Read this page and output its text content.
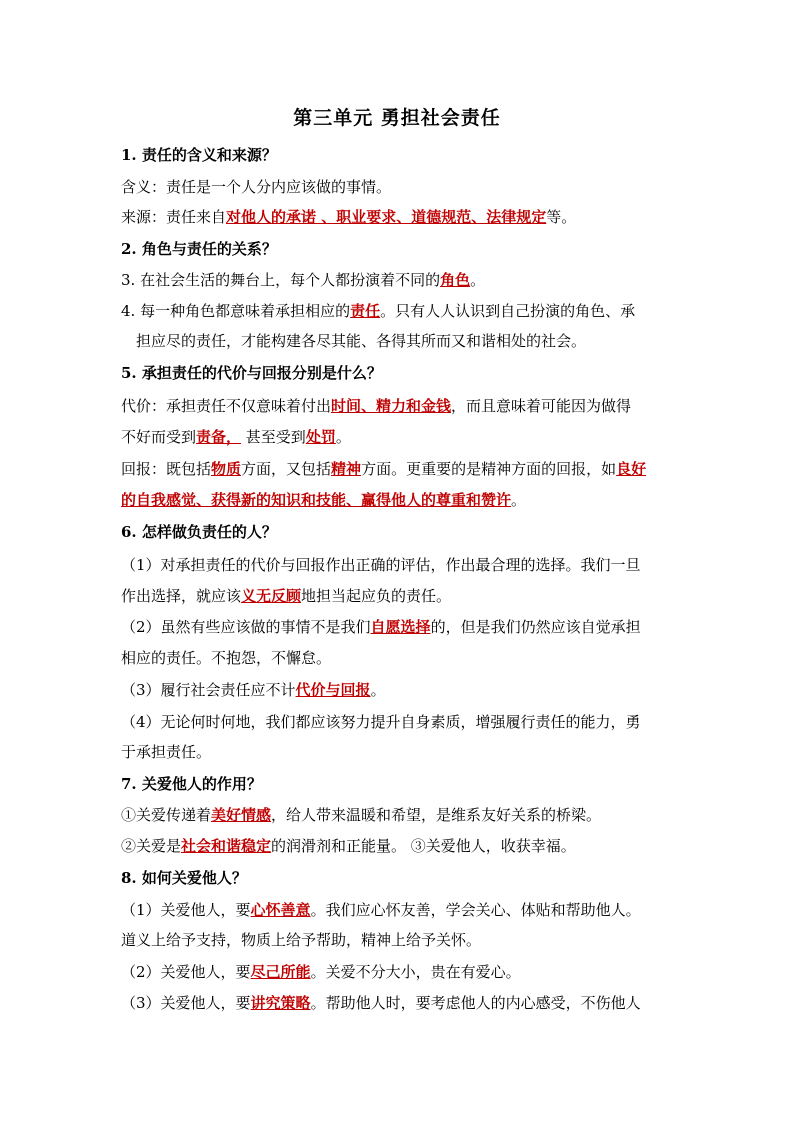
第三单元 勇担社会责任
1. 责任的含义和来源？
含义：责任是一个人分内应该做的事情。
来源：责任来自对他人的承诺 、职业要求、道德规范、法律规定等。
2. 角色与责任的关系？
3. 在社会生活的舞台上，每个人都扮演着不同的角色。
4. 每一种角色都意味着承担相应的责任。只有人人认识到自己扮演的角色、承
担应尽的责任，才能构建各尽其能、各得其所而又和谐相处的社会。
5. 承担责任的代价与回报分别是什么？
代价：承担责任不仅意味着付出时间、精力和金钱，而且意味着可能因为做得
不好而受到责备， 甚至受到处罚。
回报：既包括物质方面，又包括精神方面。更重要的是精神方面的回报，如良好
的自我感觉、获得新的知识和技能、赢得他人的尊重和赞许。
6. 怎样做负责任的人？
（1）对承担责任的代价与回报作出正确的评估，作出最合理的选择。我们一旦
作出选择，就应该义无反顾地担当起应负的责任。
（2）虽然有些应该做的事情不是我们自愿选择的，但是我们仍然应该自觉承担
相应的责任。不抱怨，不懈怠。
（3）履行社会责任应不计代价与回报。
（4）无论何时何地，我们都应该努力提升自身素质，增强履行责任的能力，勇
于承担责任。
7. 关爱他人的作用？
①关爱传递着美好情感，给人带来温暖和希望，是维系友好关系的桥梁。
②关爱是社会和谐稳定的润滑剂和正能量。 ③关爱他人，收获幸福。
8. 如何关爱他人？
（1）关爱他人，要心怀善意。我们应心怀友善，学会关心、体贴和帮助他人。
道义上给予支持，物质上给予帮助，精神上给予关怀。
（2）关爱他人，要尽己所能。关爱不分大小，贵在有爱心。
（3）关爱他人，要讲究策略。帮助他人时，要考虑他人的内心感受，不伤他人
